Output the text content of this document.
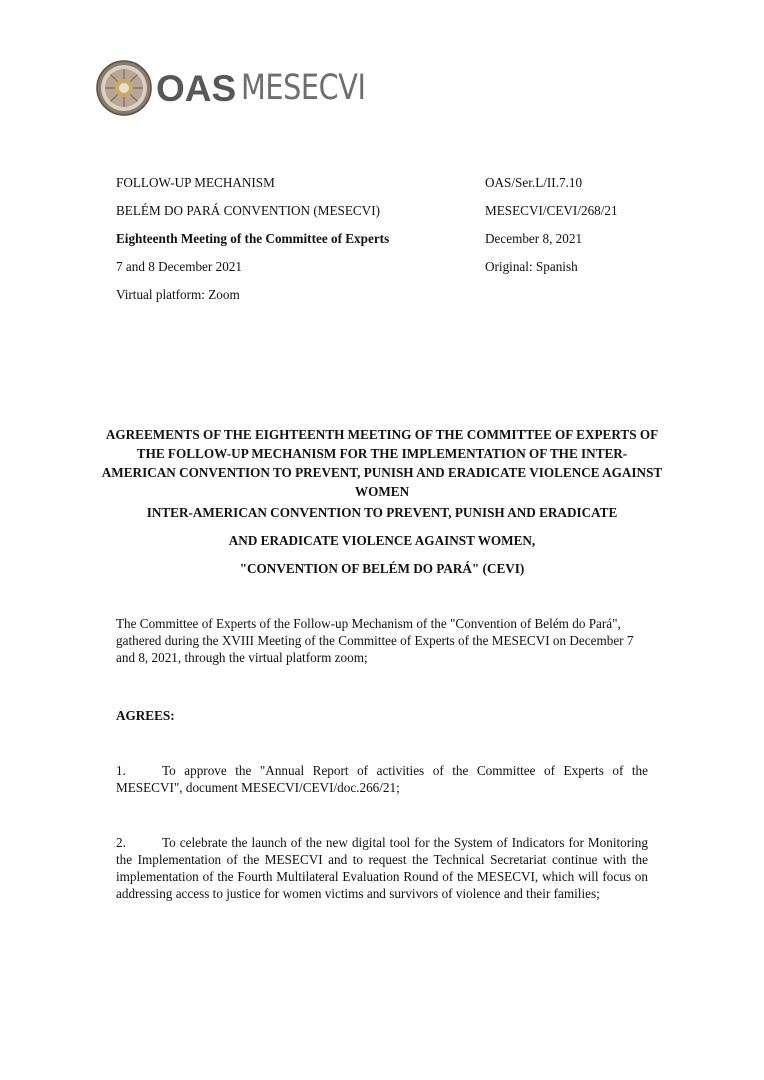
OAS MESECVI
FOLLOW-UP MECHANISM
BELÉM DO PARÁ CONVENTION (MESECVI)
Eighteenth Meeting of the Committee of Experts
7 and 8 December 2021
Virtual platform: Zoom
OAS/Ser.L/II.7.10
MESECVI/CEVI/268/21
December 8, 2021
Original: Spanish
AGREEMENTS OF THE EIGHTEENTH MEETING OF THE COMMITTEE OF EXPERTS OF THE FOLLOW-UP MECHANISM FOR THE IMPLEMENTATION OF THE INTER-AMERICAN CONVENTION TO PREVENT, PUNISH AND ERADICATE VIOLENCE AGAINST WOMEN
INTER-AMERICAN CONVENTION TO PREVENT, PUNISH AND ERADICATE
AND ERADICATE VIOLENCE AGAINST WOMEN,
"CONVENTION OF BELÉM DO PARÁ" (CEVI)
The Committee of Experts of the Follow-up Mechanism of the "Convention of Belém do Pará", gathered during the XVIII Meeting of the Committee of Experts of the MESECVI on December 7 and 8, 2021, through the virtual platform zoom;
AGREES:
1.	To approve the "Annual Report of activities of the Committee of Experts of the MESECVI", document MESECVI/CEVI/doc.266/21;
2.	To celebrate the launch of the new digital tool for the System of Indicators for Monitoring the Implementation of the MESECVI and to request the Technical Secretariat continue with the implementation of the Fourth Multilateral Evaluation Round of the MESECVI, which will focus on addressing access to justice for women victims and survivors of violence and their families;
